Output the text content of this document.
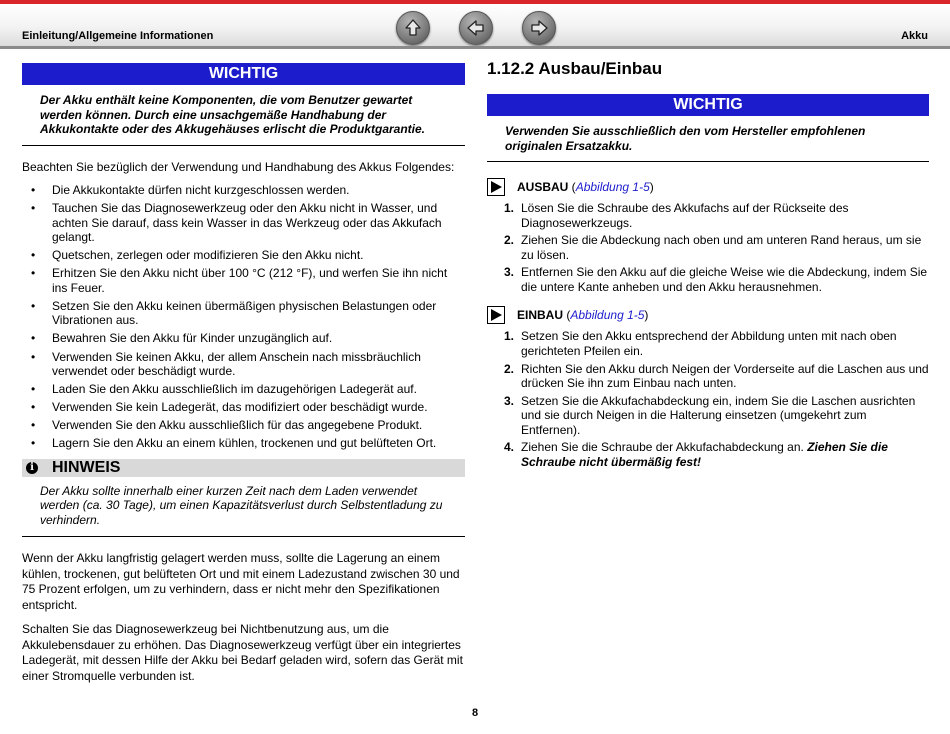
Einleitung/Allgemeine Informationen	Akku
WICHTIG
Der Akku enthält keine Komponenten, die vom Benutzer gewartet werden können. Durch eine unsachgemäße Handhabung der Akkukontakte oder des Akkugehäuses erlischt die Produktgarantie.

Beachten Sie bezüglich der Verwendung und Handhabung des Akkus Folgendes:

• Die Akkukontakte dürfen nicht kurzgeschlossen werden.
• Tauchen Sie das Diagnosewerkzeug oder den Akku nicht in Wasser, und achten Sie darauf, dass kein Wasser in das Werkzeug oder das Akkufach gelangt.
• Quetschen, zerlegen oder modifizieren Sie den Akku nicht.
• Erhitzen Sie den Akku nicht über 100 °C (212 °F), und werfen Sie ihn nicht ins Feuer.
• Setzen Sie den Akku keinen übermäßigen physischen Belastungen oder Vibrationen aus.
• Bewahren Sie den Akku für Kinder unzugänglich auf.
• Verwenden Sie keinen Akku, der allem Anschein nach missbräuchlich verwendet oder beschädigt wurde.
• Laden Sie den Akku ausschließlich im dazugehörigen Ladegerät auf.
• Verwenden Sie kein Ladegerät, das modifiziert oder beschädigt wurde.
• Verwenden Sie den Akku ausschließlich für das angegebene Produkt.
• Lagern Sie den Akku an einem kühlen, trockenen und gut belüfteten Ort.
i HINWEIS
Der Akku sollte innerhalb einer kurzen Zeit nach dem Laden verwendet werden (ca. 30 Tage), um einen Kapazitätsverlust durch Selbstentladung zu verhindern.

Wenn der Akku langfristig gelagert werden muss, sollte die Lagerung an einem kühlen, trockenen, gut belüfteten Ort und mit einem Ladezustand zwischen 30 und 75 Prozent erfolgen, um zu verhindern, dass er nicht mehr den Spezifikationen entspricht.

Schalten Sie das Diagnosewerkzeug bei Nichtbenutzung aus, um die Akkulebensdauer zu erhöhen. Das Diagnosewerkzeug verfügt über ein integriertes Ladegerät, mit dessen Hilfe der Akku bei Bedarf geladen wird, sofern das Gerät mit einer Stromquelle verbunden ist.

1.12.2 Ausbau/Einbau
WICHTIG
Verwenden Sie ausschließlich den vom Hersteller empfohlenen originalen Ersatzakku.
AUSBAU (Abbildung 1-5)
1. Lösen Sie die Schraube des Akkufachs auf der Rückseite des Diagnosewerkzeugs.
2. Ziehen Sie die Abdeckung nach oben und am unteren Rand heraus, um sie zu lösen.
3. Entfernen Sie den Akku auf die gleiche Weise wie die Abdeckung, indem Sie die untere Kante anheben und den Akku herausnehmen.
EINBAU (Abbildung 1-5)
1. Setzen Sie den Akku entsprechend der Abbildung unten mit nach oben gerichteten Pfeilen ein.
2. Richten Sie den Akku durch Neigen der Vorderseite auf die Laschen aus und drücken Sie ihn zum Einbau nach unten.
3. Setzen Sie die Akkufachabdeckung ein, indem Sie die Laschen ausrichten und sie durch Neigen in die Halterung einsetzen (umgekehrt zum Entfernen).
4. Ziehen Sie die Schraube der Akkufachabdeckung an. Ziehen Sie die Schraube nicht übermäßig fest!
8
